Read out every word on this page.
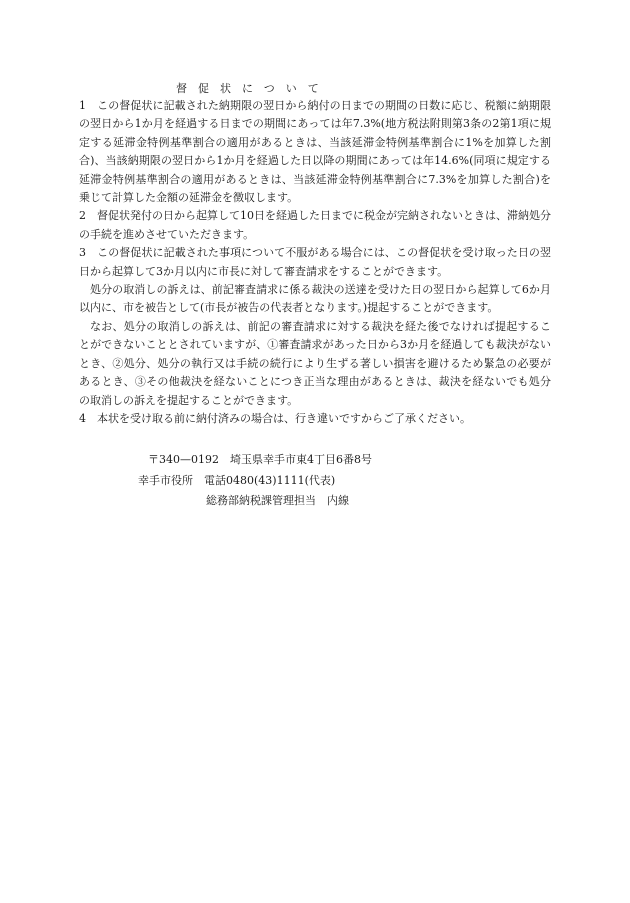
督促状について

1　この督促状に記載された納期限の翌日から納付の日までの期間の日数に応じ、税額に納期限の翌日から1か月を経過する日までの期間にあっては年7.3%(地方税法附則第3条の2第1項に規定する延滞金特例基準割合の適用があるときは、当該延滞金特例基準割合に1%を加算した割合)、当該納期限の翌日から1か月を経過した日以降の期間にあっては年14.6%(同項に規定する延滞金特例基準割合の適用があるときは、当該延滞金特例基準割合に7.3%を加算した割合)を乗じて計算した金額の延滞金を徴収します。

2　督促状発付の日から起算して10日を経過した日までに税金が完納されないときは、滞納処分の手続を進めさせていただきます。

3　この督促状に記載された事項について不服がある場合には、この督促状を受け取った日の翌日から起算して3か月以内に市長に対して審査請求をすることができます。

処分の取消しの訴えは、前記審査請求に係る裁決の送達を受けた日の翌日から起算して6か月以内に、市を被告として(市長が被告の代表者となります。)提起することができます。

なお、処分の取消しの訴えは、前記の審査請求に対する裁決を経た後でなければ提起することができないこととされていますが、①審査請求があった日から3か月を経過しても裁決がないとき、②処分、処分の執行又は手続の続行により生ずる著しい損害を避けるため緊急の必要があるとき、③その他裁決を経ないことにつき正当な理由があるときは、裁決を経ないでも処分の取消しの訴えを提起することができます。

4　本状を受け取る前に納付済みの場合は、行き違いですからご了承ください。

〒340—0192　埼玉県幸手市東4丁目6番8号
幸手市役所　電話0480(43)1111(代表)
総務部納税課管理担当　内線
